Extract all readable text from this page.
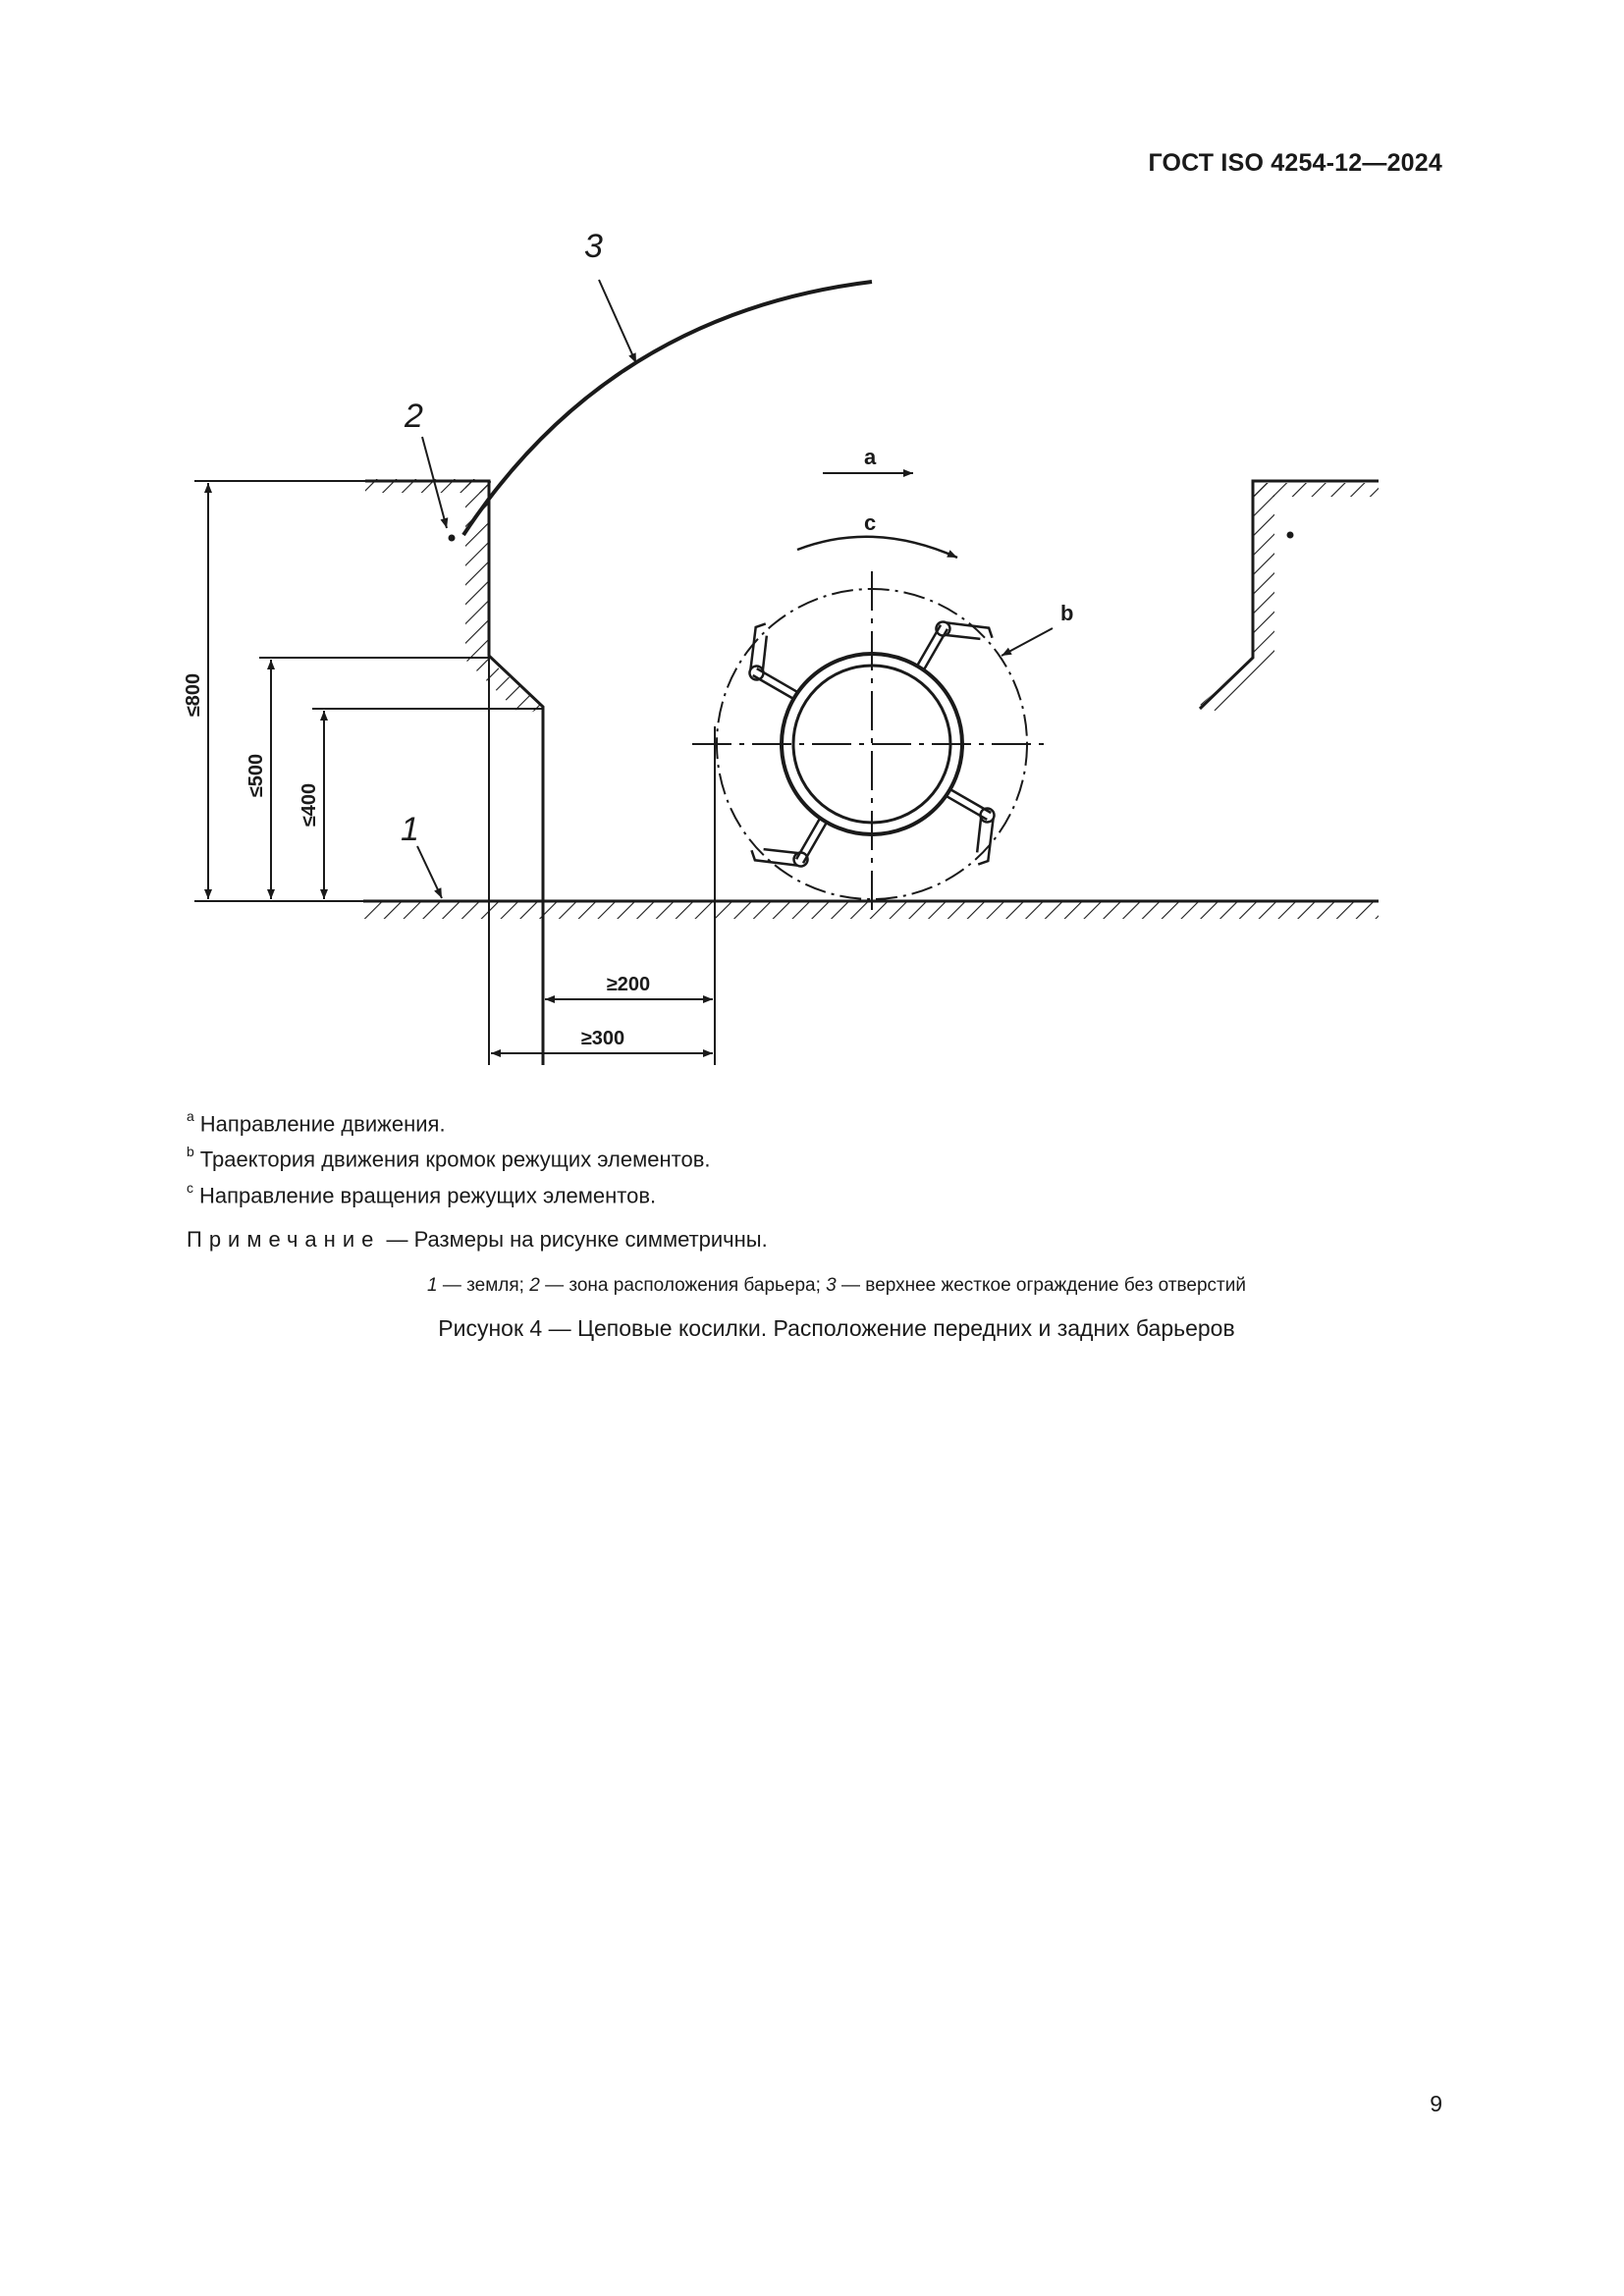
ГОСТ ISO 4254-12—2024
3
2
1
a
c
b
≤800
≤500
≤400
≥200
≥300
$^a$ Направление движения.
$^b$ Траектория движения кромок режущих элементов.
$^c$ Направление вращения режущих элементов.
Примечание — Размеры на рисунке симметричны.
1 — земля; 2 — зона расположения барьера; 3 — верхнее жесткое ограждение без отверстий
Рисунок 4 — Цеповые косилки. Расположение передних и задних барьеров
9
